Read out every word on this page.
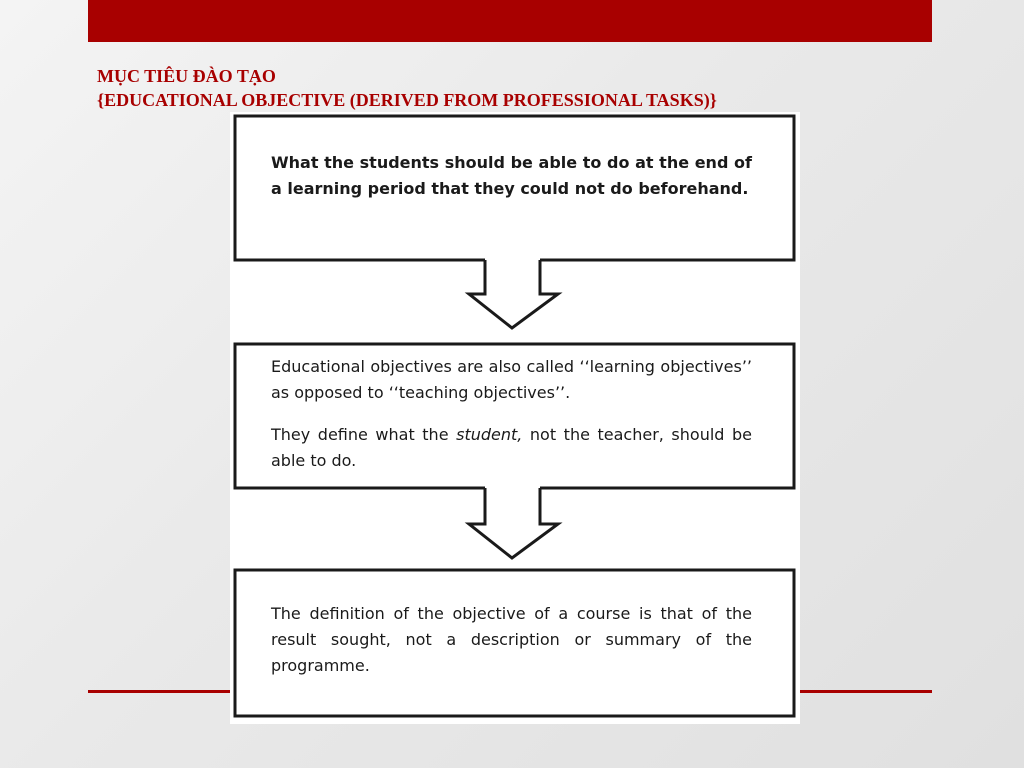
MỤC TIÊU ĐÀO TẠO
{EDUCATIONAL OBJECTIVE (DERIVED FROM PROFESSIONAL TASKS)}

What the students should be able to do at the end of a learning period that they could not do beforehand.

Educational objectives are also called ‘‘learning objectives’’ as opposed to ‘‘teaching objectives’’.

They define what the student, not the teacher, should be able to do.

The definition of the objective of a course is that of the result sought, not a description or summary of the programme.
